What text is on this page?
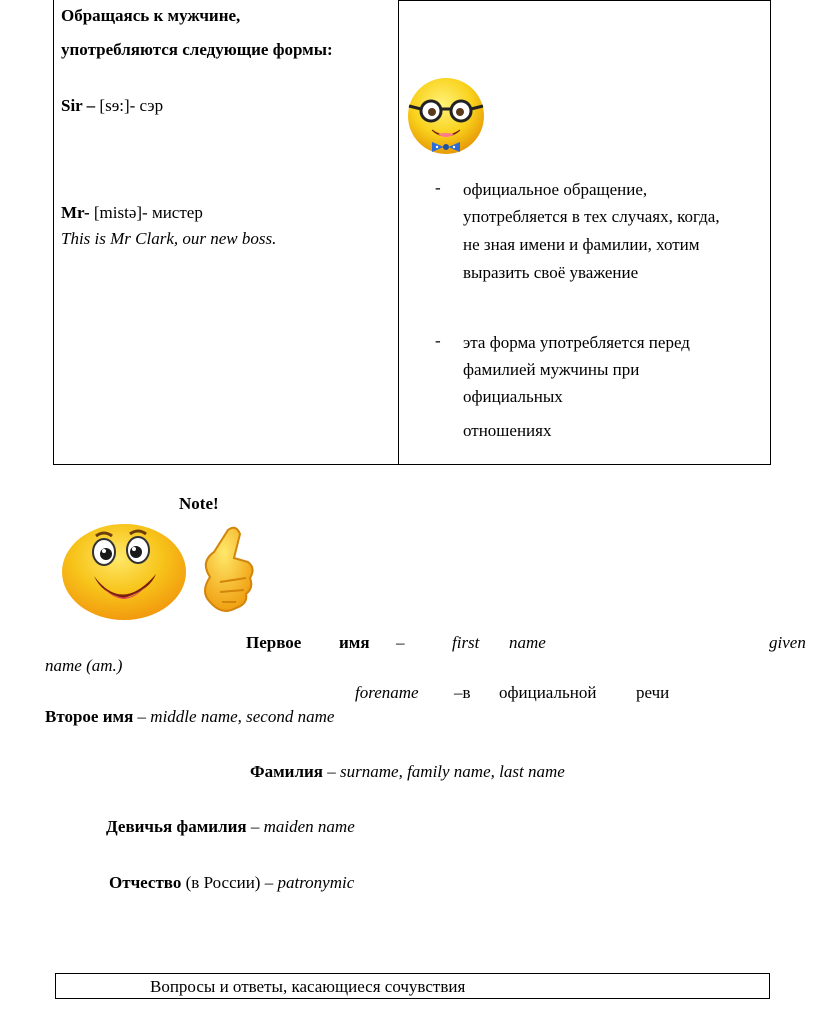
Обращаясь к мужчине,
употребляются следующие формы:
Sir – [sɘ:]- сэр
Mr- [mistə]- мистер
This is Mr Clark, our new boss.
- официальное обращение,
употребляется в тех случаях, когда,
не зная имени и фамилии, хотим
выразить своё уважение
- эта форма употребляется перед
фамилией мужчины при
официальных
отношениях
Note!
Первое имя –	first name	given
name (am.)
forename –в официальной речи
Второе имя – middle name, second name
Фамилия – surname, family name, last name
Девичья фамилия – maiden name
Отчество (в России) – patronymic
Вопросы и ответы, касающиеся сочувствия
